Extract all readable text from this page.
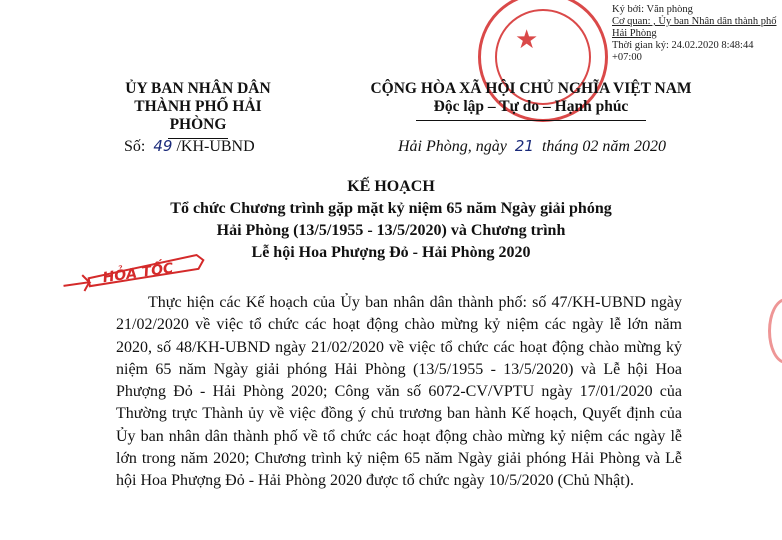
Ký bởi: Văn phòng
Cơ quan: , Ủy ban Nhân dân thành phố Hải Phòng
Thời gian ký: 24.02.2020 8:48:44 +07:00
★
ỦY BAN NHÂN DÂN
THÀNH PHỐ HẢI PHÒNG
CỘNG HÒA XÃ HỘI CHỦ NGHĨA VIỆT NAM
Độc lập – Tự do – Hạnh phúc
Số: 49 /KH-UBND	Hải Phòng, ngày 21 tháng 02 năm 2020
KẾ HOẠCH
Tổ chức Chương trình gặp mặt kỷ niệm 65 năm Ngày giải phóng
Hải Phòng (13/5/1955 - 13/5/2020) và Chương trình
Lễ hội Hoa Phượng Đỏ - Hải Phòng 2020
HỎA TỐC
Thực hiện các Kế hoạch của Ủy ban nhân dân thành phố: số 47/KH-UBND ngày 21/02/2020 về việc tổ chức các hoạt động chào mừng kỷ niệm các ngày lễ lớn năm 2020, số 48/KH-UBND ngày 21/02/2020 về việc tổ chức các hoạt động chào mừng kỷ niệm 65 năm Ngày giải phóng Hải Phòng (13/5/1955 - 13/5/2020) và Lễ hội Hoa Phượng Đỏ - Hải Phòng 2020; Công văn số 6072-CV/VPTU ngày 17/01/2020 của Thường trực Thành ủy về việc đồng ý chủ trương ban hành Kế hoạch, Quyết định của Ủy ban nhân dân thành phố về tổ chức các hoạt động chào mừng kỷ niệm các ngày lễ lớn trong năm 2020; Chương trình kỷ niệm 65 năm Ngày giải phóng Hải Phòng và Lễ hội Hoa Phượng Đỏ - Hải Phòng 2020 được tổ chức ngày 10/5/2020 (Chủ Nhật).
